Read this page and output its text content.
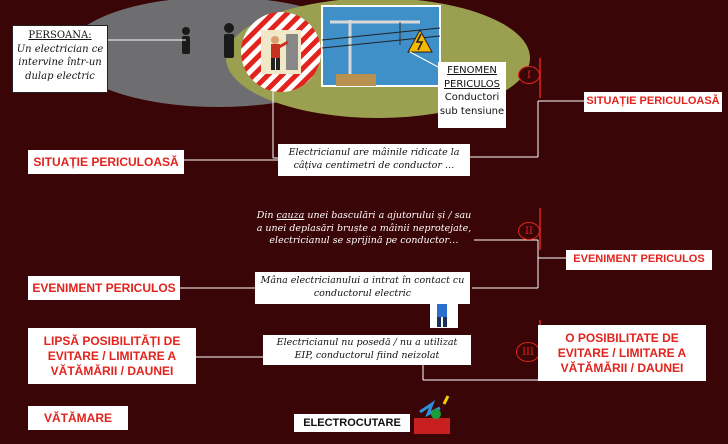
PERSOANA:
Un electrician ce
intervine într-un
dulap electric	FENOMEN
PERICULOS
Conductori
sub tensiune
I
II
III
SITUAȚIE PERICULOASĂ
SITUAȚIE PERICULOASĂ
EVENIMENT PERICULOS
EVENIMENT PERICULOS
LIPSĂ POSIBILITĂȚI DE
EVITARE / LIMITARE A
VĂTĂMĂRII / DAUNEI
O POSIBILITATE DE
EVITARE / LIMITARE A
VĂTĂMĂRII / DAUNEI
VĂTĂMARE	ELECTROCUTARE
Electricianul are mâinile ridicate la
câțiva centimetri de conductor …
Din cauza unei basculări a ajutorului și / sau
a unei deplasări bruște a mâinii neprotejate,
electricianul se sprijină pe conductor…
Mâna electricianului a intrat în contact cu
conductorul electric
Electricianul nu posedă / nu a utilizat
EIP, conductorul fiind neizolat
